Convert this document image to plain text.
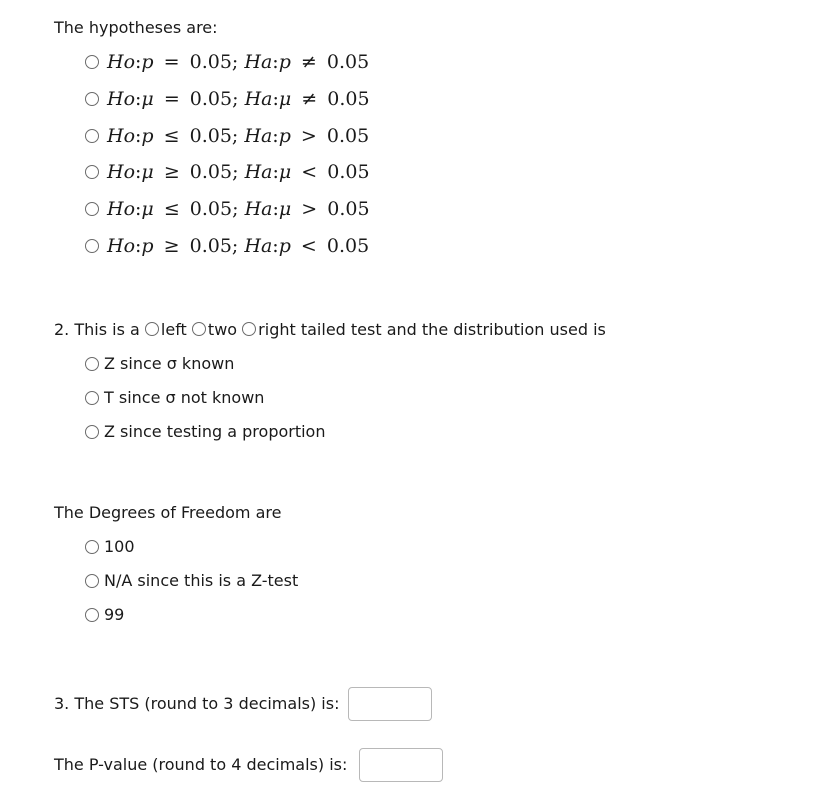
The hypotheses are:
Ho:p = 0.05; Ha:p ≠ 0.05
Ho:μ = 0.05; Ha:μ ≠ 0.05
Ho:p ≤ 0.05; Ha:p > 0.05
Ho:μ ≥ 0.05; Ha:μ < 0.05
Ho:μ ≤ 0.05; Ha:μ > 0.05
Ho:p ≥ 0.05; Ha:p < 0.05
2. This is a left two right tailed test and the distribution used is
Z since σ known
T since σ not known
Z since testing a proportion
The Degrees of Freedom are
100
N/A since this is a Z-test
99
3. The STS (round to 3 decimals) is:
The P-value (round to 4 decimals) is:
